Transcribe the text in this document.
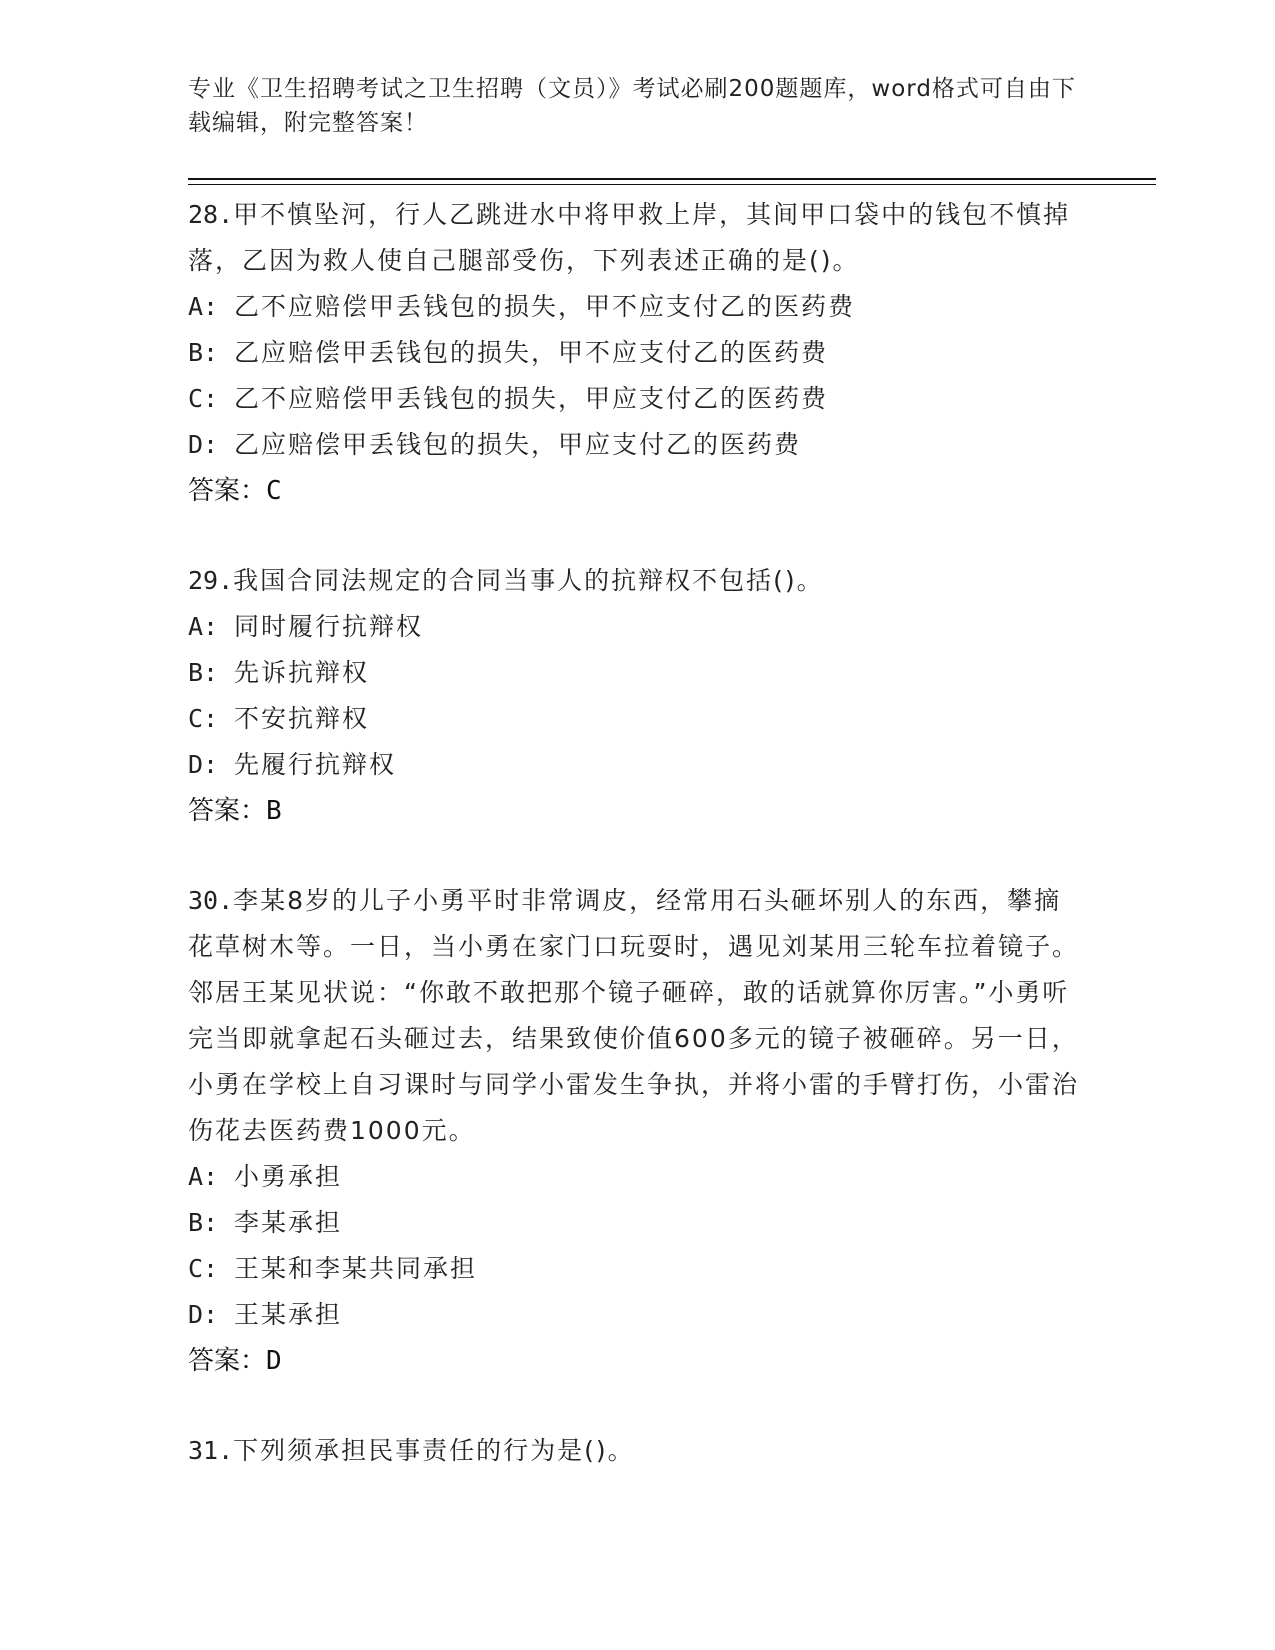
专业《卫生招聘考试之卫生招聘（文员）》考试必刷200题题库，word格式可自由下载编辑，附完整答案！
28.甲不慎坠河，行人乙跳进水中将甲救上岸，其间甲口袋中的钱包不慎掉落，乙因为救人使自己腿部受伤，下列表述正确的是()。
A: 乙不应赔偿甲丢钱包的损失，甲不应支付乙的医药费
B: 乙应赔偿甲丢钱包的损失，甲不应支付乙的医药费
C: 乙不应赔偿甲丢钱包的损失，甲应支付乙的医药费
D: 乙应赔偿甲丢钱包的损失，甲应支付乙的医药费
答案：C
29.我国合同法规定的合同当事人的抗辩权不包括()。
A: 同时履行抗辩权
B: 先诉抗辩权
C: 不安抗辩权
D: 先履行抗辩权
答案：B
30.李某8岁的儿子小勇平时非常调皮，经常用石头砸坏别人的东西，攀摘花草树木等。一日，当小勇在家门口玩耍时，遇见刘某用三轮车拉着镜子。邻居王某见状说：“你敢不敢把那个镜子砸碎，敢的话就算你厉害。”小勇听完当即就拿起石头砸过去，结果致使价值600多元的镜子被砸碎。另一日，小勇在学校上自习课时与同学小雷发生争执，并将小雷的手臂打伤，小雷治伤花去医药费1000元。
A: 小勇承担
B: 李某承担
C: 王某和李某共同承担
D: 王某承担
答案：D
31.下列须承担民事责任的行为是()。
